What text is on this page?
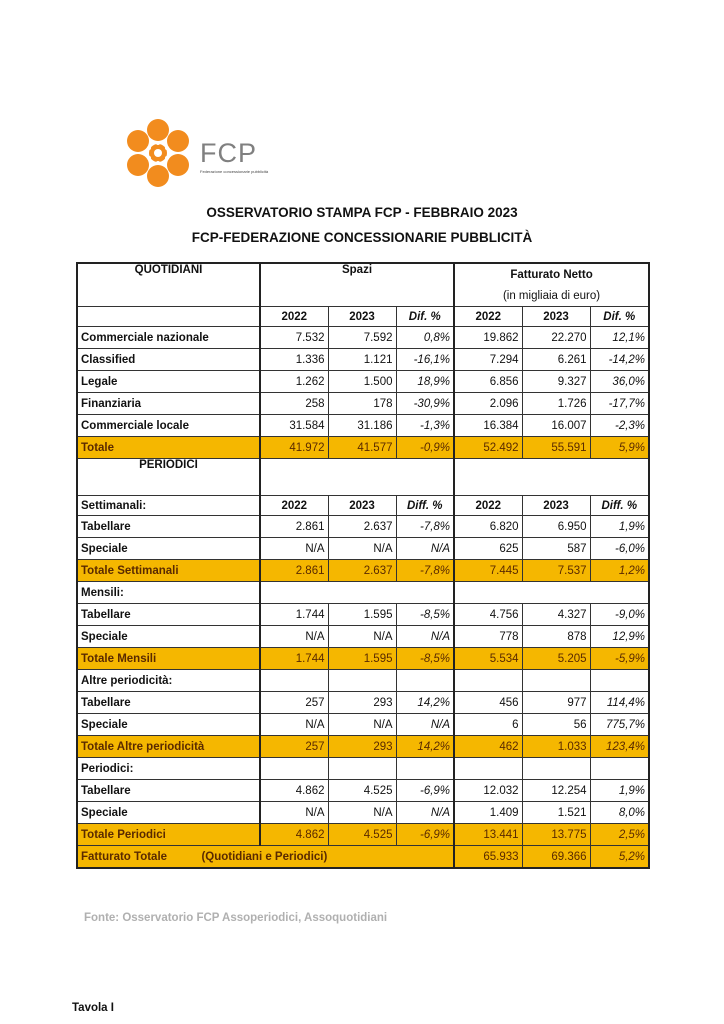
FCP
Federazione concessionarie pubblicità
OSSERVATORIO STAMPA FCP - FEBBRAIO 2023
FCP-FEDERAZIONE CONCESSIONARIE PUBBLICITÀ
QUOTIDIANI	Spazi			Fatturato Netto		
				(in migliaia di euro)		
	2022	2023	Dif. %	2022	2023	Dif. %
Commerciale nazionale	7.532	7.592	0,8%	19.862	22.270	12,1%
Classified	1.336	1.121	-16,1%	7.294	6.261	-14,2%
Legale	1.262	1.500	18,9%	6.856	9.327	36,0%
Finanziaria	258	178	-30,9%	2.096	1.726	-17,7%
Commerciale locale	31.584	31.186	-1,3%	16.384	16.007	-2,3%
Totale	41.972	41.577	-0,9%	52.492	55.591	5,9%
PERIODICI						
Settimanali:	2022	2023	Diff. %	2022	2023	Diff. %
Tabellare	2.861	2.637	-7,8%	6.820	6.950	1,9%
Speciale	N/A	N/A	N/A	625	587	-6,0%
Totale Settimanali	2.861	2.637	-7,8%	7.445	7.537	1,2%
Mensili:						
Tabellare	1.744	1.595	-8,5%	4.756	4.327	-9,0%
Speciale	N/A	N/A	N/A	778	878	12,9%
Totale Mensili	1.744	1.595	-8,5%	5.534	5.205	-5,9%
Altre periodicità:						
Tabellare	257	293	14,2%	456	977	114,4%
Speciale	N/A	N/A	N/A	6	56	775,7%
Totale Altre periodicità	257	293	14,2%	462	1.033	123,4%
Periodici:						
Tabellare	4.862	4.525	-6,9%	12.032	12.254	1,9%
Speciale	N/A	N/A	N/A	1.409	1.521	8,0%
Totale Periodici	4.862	4.525	-6,9%	13.441	13.775	2,5%
Fatturato Totale (Quotidiani e Periodici)				65.933	69.366	5,2%
Fonte: Osservatorio FCP Assoperiodici, Assoquotidiani
Tavola I
